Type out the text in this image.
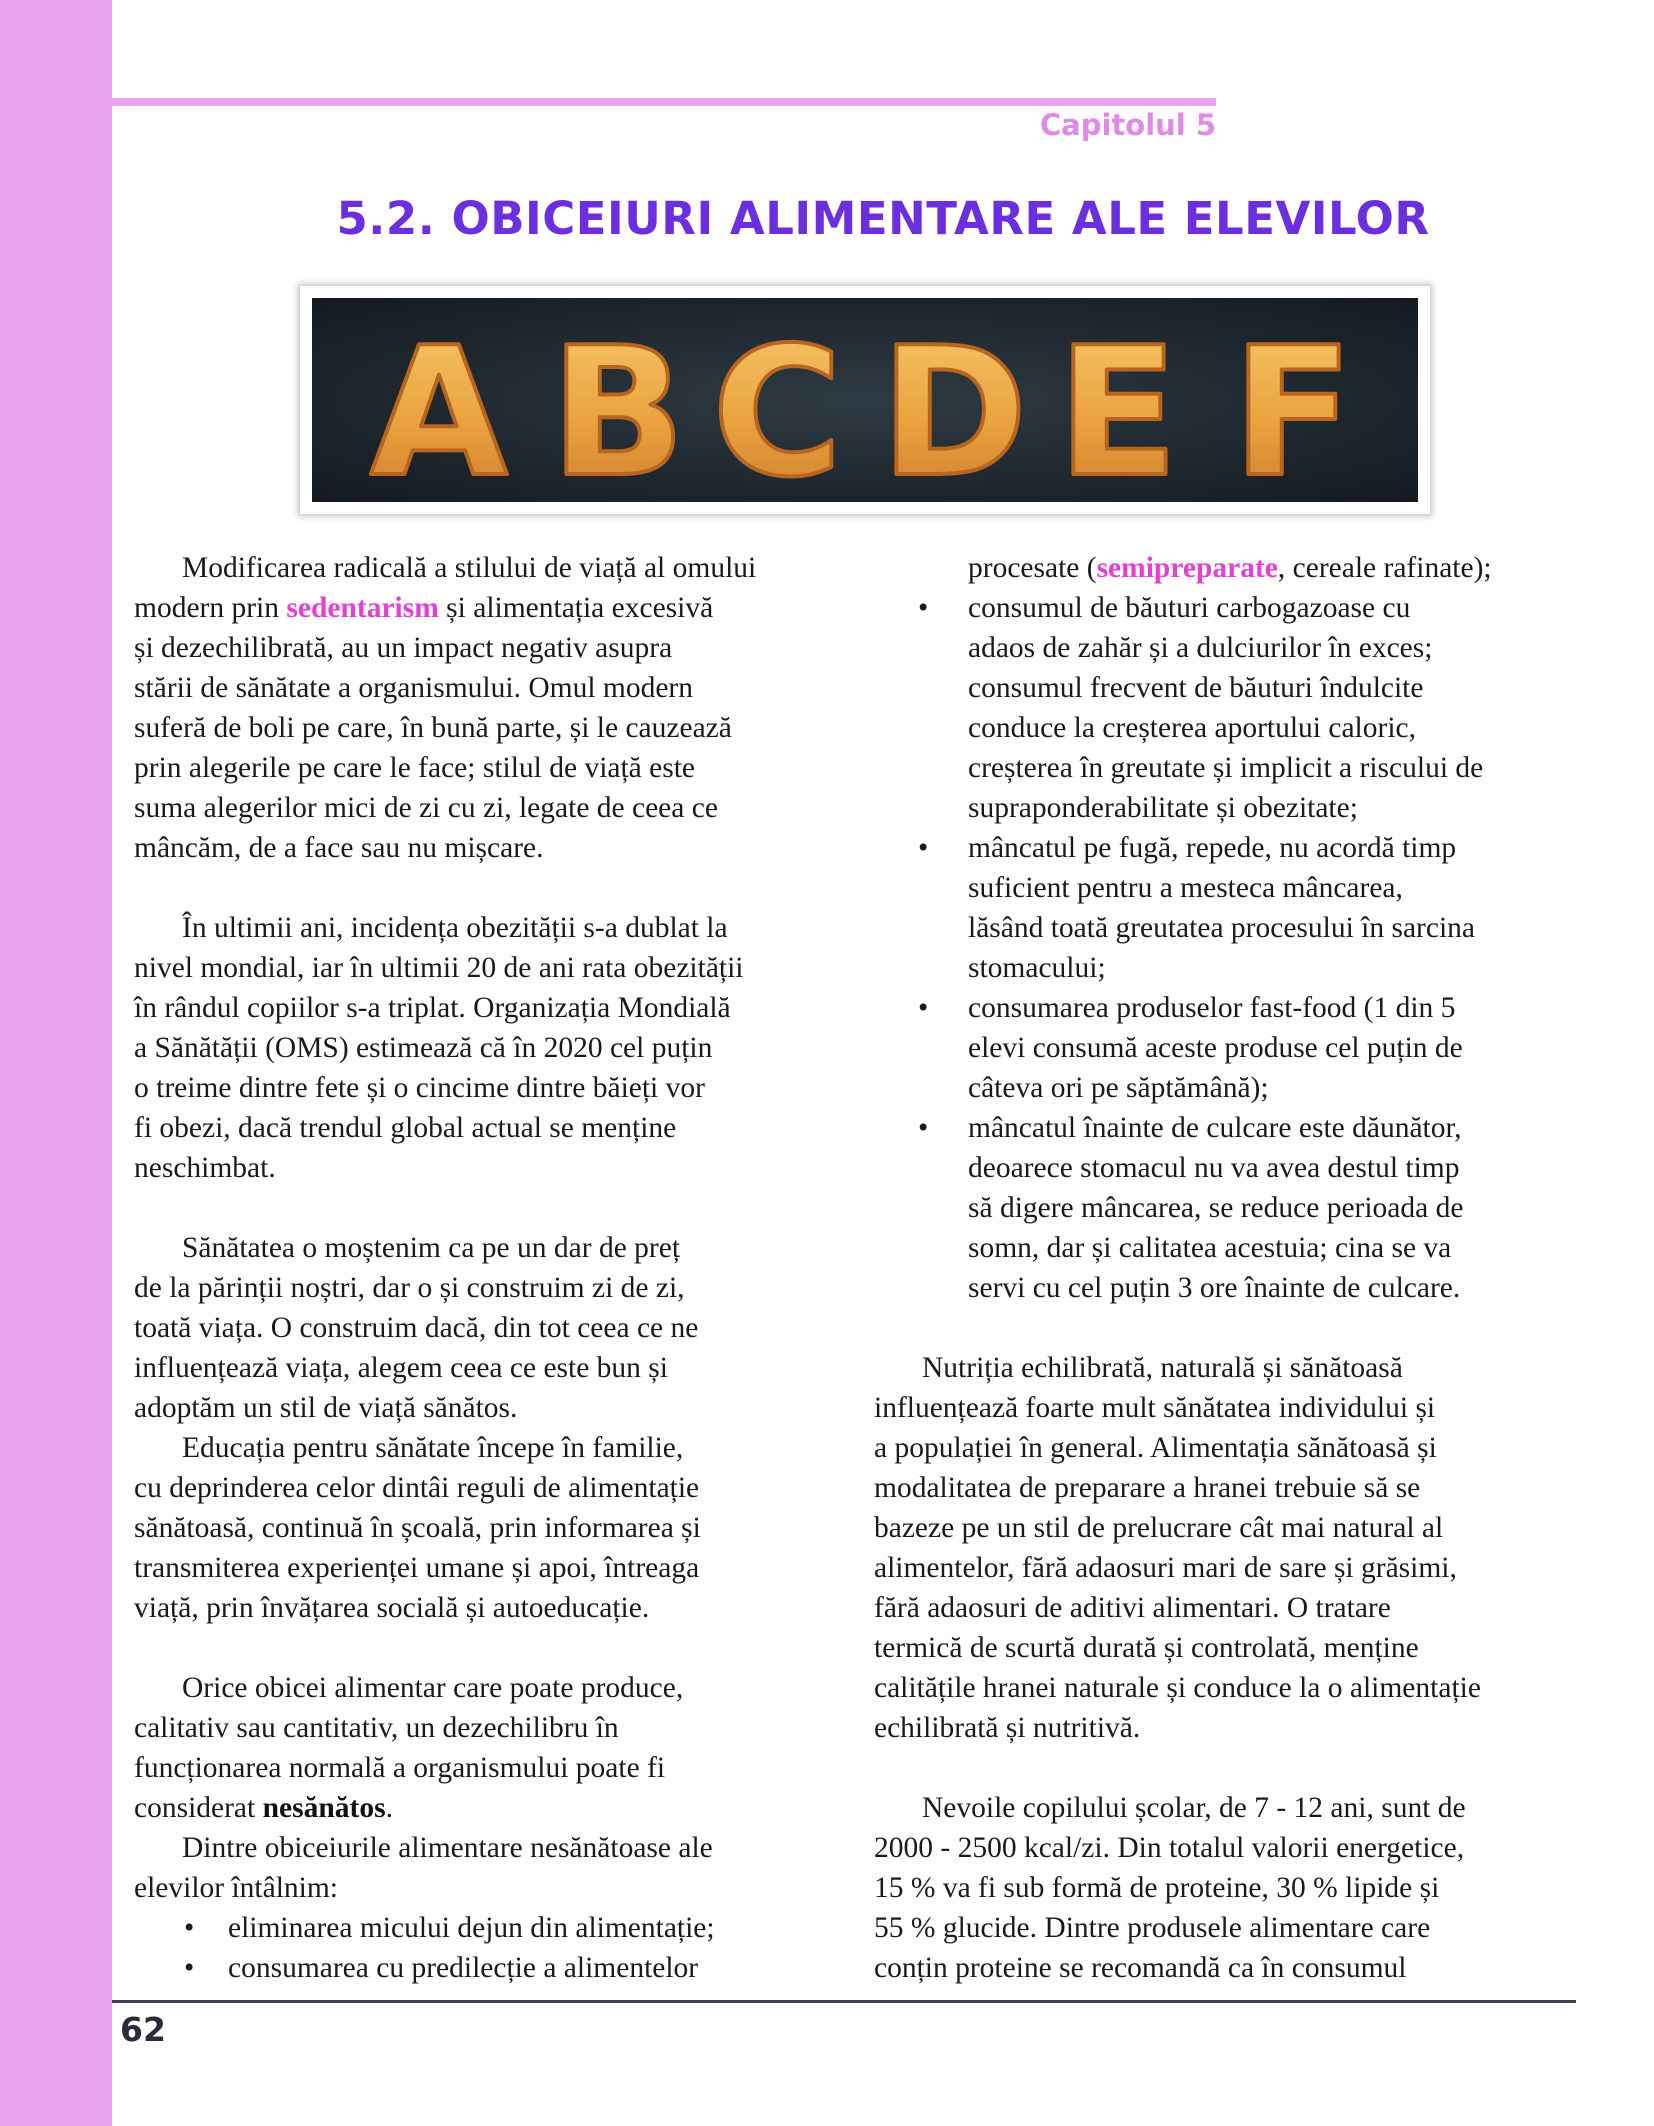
Capitolul 5
5.2. OBICEIURI ALIMENTARE ALE ELEVILOR
A B C D E F

Modificarea radicală a stilului de viață al omului
modern prin sedentarism și alimentația excesivă
și dezechilibrată, au un impact negativ asupra
stării de sănătate a organismului. Omul modern
suferă de boli pe care, în bună parte, și le cauzează
prin alegerile pe care le face; stilul de viață este
suma alegerilor mici de zi cu zi, legate de ceea ce
mâncăm, de a face sau nu mișcare.

În ultimii ani, incidența obezității s-a dublat la
nivel mondial, iar în ultimii 20 de ani rata obezității
în rândul copiilor s-a triplat. Organizația Mondială
a Sănătății (OMS) estimează că în 2020 cel puțin
o treime dintre fete și o cincime dintre băieți vor
fi obezi, dacă trendul global actual se menține
neschimbat.

Sănătatea o moștenim ca pe un dar de preț
de la părinții noștri, dar o și construim zi de zi,
toată viața. O construim dacă, din tot ceea ce ne
influențează viața, alegem ceea ce este bun și
adoptăm un stil de viață sănătos.

Educația pentru sănătate începe în familie,
cu deprinderea celor dintâi reguli de alimentație
sănătoasă, continuă în școală, prin informarea și
transmiterea experienței umane și apoi, întreaga
viață, prin învățarea socială și autoeducație.

Orice obicei alimentar care poate produce,
calitativ sau cantitativ, un dezechilibru în
funcționarea normală a organismului poate fi
considerat nesănătos.

Dintre obiceiurile alimentare nesănătoase ale
elevilor întâlnim:

• eliminarea micului dejun din alimentație;
• consumarea cu predilecție a alimentelor
procesate (semipreparate, cereale rafinate);
• consumul de băuturi carbogazoase cu
adaos de zahăr și a dulciurilor în exces;
consumul frecvent de băuturi îndulcite
conduce la creșterea aportului caloric,
creșterea în greutate și implicit a riscului de
supraponderabilitate și obezitate;
• mâncatul pe fugă, repede, nu acordă timp
suficient pentru a mesteca mâncarea,
lăsând toată greutatea procesului în sarcina
stomacului;
• consumarea produselor fast-food (1 din 5
elevi consumă aceste produse cel puțin de
câteva ori pe săptămână);
• mâncatul înainte de culcare este dăunător,
deoarece stomacul nu va avea destul timp
să digere mâncarea, se reduce perioada de
somn, dar și calitatea acestuia; cina se va
servi cu cel puțin 3 ore înainte de culcare.

Nutriția echilibrată, naturală și sănătoasă
influențează foarte mult sănătatea individului și
a populației în general. Alimentația sănătoasă și
modalitatea de preparare a hranei trebuie să se
bazeze pe un stil de prelucrare cât mai natural al
alimentelor, fără adaosuri mari de sare și grăsimi,
fără adaosuri de aditivi alimentari. O tratare
termică de scurtă durată și controlată, menține
calitățile hranei naturale și conduce la o alimentație
echilibrată și nutritivă.

Nevoile copilului școlar, de 7 - 12 ani, sunt de
2000 - 2500 kcal/zi. Din totalul valorii energetice,
15 % va fi sub formă de proteine, 30 % lipide și
55 % glucide. Dintre produsele alimentare care
conțin proteine se recomandă ca în consumul

62
